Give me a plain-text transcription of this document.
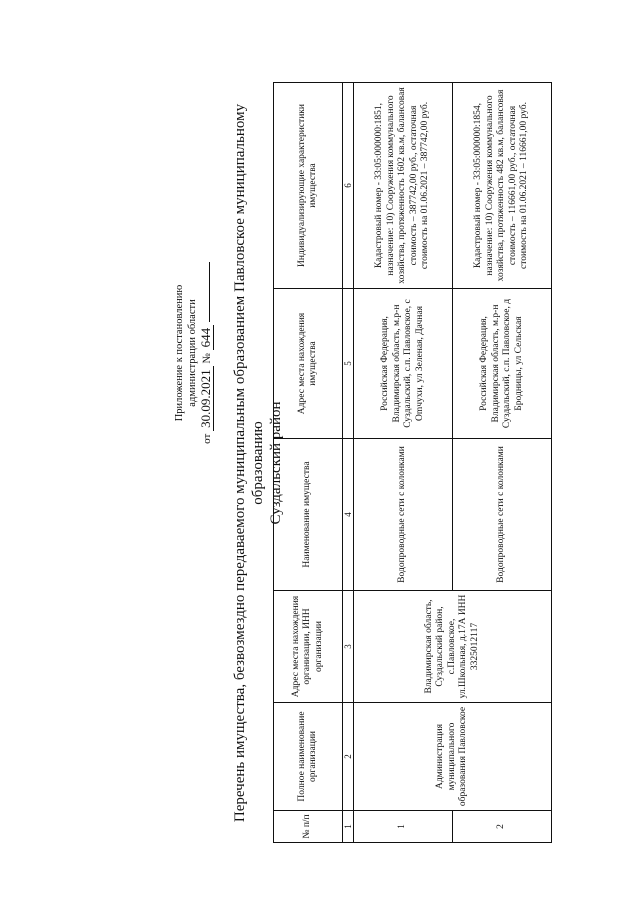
Приложение к постановлению администрации области
от 30.09.2021 № 644 Перечень имущества, безвозмездно передаваемого муниципальным образованием Павловское муниципальному образованию Суздальский район
№ п/п	Полное наименование организации	Адрес места нахождения организации, ИНН организации	Наименование имущества	Адрес места нахождения имущества	Индивидуализирующие характеристики имущества
1	2	3	4	5	6
1	Администрация муниципального образования Павловское	Владимирская область, Суздальский район, с.Павловское, ул.Школьная, д.17А ИНН 3325012117	Водопроводные сети с колонками	Российская Федерация, Владимирская область, м.р-н Суздальский, с.п. Павловское, с Omчухи, ул Зеленая, Дачная	Кадастровый номер - 33:05:000000:1851, назначение: 10) Сооружения коммунального хозяйства, протяженность 1602 кв.м, балансовая стоимость – 387742,00 руб., остаточная стоимость на 01.06.2021 – 387742,00 руб.
2			Водопроводные сети с колонками	Российская Федерация, Владимирская область, м.р-н Суздальский, с.п. Павловское, д Бродницы, ул Сельская	Кадастровый номер - 33:05:000000:1854, назначение: 10) Сооружения коммунального хозяйства, протяженность 482 кв.м, балансовая стоимость – 116661,00 руб., остаточная стоимость на 01.06.2021 – 116661,00 руб.
